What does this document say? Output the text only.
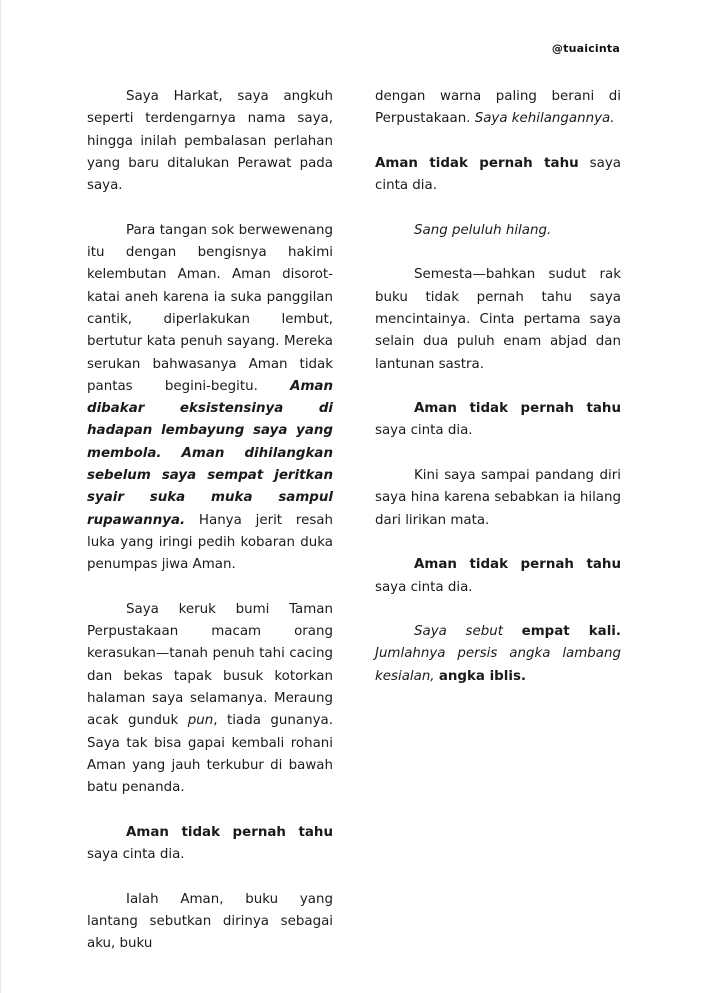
@tuaicinta

Saya Harkat, saya angkuh seperti terdengarnya nama saya, hingga inilah pembalasan perlahan yang baru ditalukan Perawat pada saya.

Para tangan sok berwewenang itu dengan bengisnya hakimi kelembutan Aman. Aman disorot-katai aneh karena ia suka panggilan cantik, diperlakukan lembut, bertutur kata penuh sayang. Mereka serukan bahwasanya Aman tidak pantas begini-begitu. Aman dibakar eksistensinya di hadapan lembayung saya yang membola. Aman dihilangkan sebelum saya sempat jeritkan syair suka muka sampul rupawannya. Hanya jerit resah luka yang iringi pedih kobaran duka penumpas jiwa Aman.

Saya keruk bumi Taman Perpustakaan macam orang kerasukan—tanah penuh tahi cacing dan bekas tapak busuk kotorkan halaman saya selamanya. Meraung acak gunduk pun, tiada gunanya. Saya tak bisa gapai kembali rohani Aman yang jauh terkubur di bawah batu penanda.

Aman tidak pernah tahu saya cinta dia.

Ialah Aman, buku yang lantang sebutkan dirinya sebagai aku, buku

dengan warna paling berani di Perpustakaan. Saya kehilangannya.

Aman tidak pernah tahu saya cinta dia.

Sang peluluh hilang.

Semesta—bahkan sudut rak buku tidak pernah tahu saya mencintainya. Cinta pertama saya selain dua puluh enam abjad dan lantunan sastra.

Aman tidak pernah tahu saya cinta dia.

Kini saya sampai pandang diri saya hina karena sebabkan ia hilang dari lirikan mata.

Aman tidak pernah tahu saya cinta dia.

Saya sebut empat kali. Jumlahnya persis angka lambang kesialan, angka iblis.
